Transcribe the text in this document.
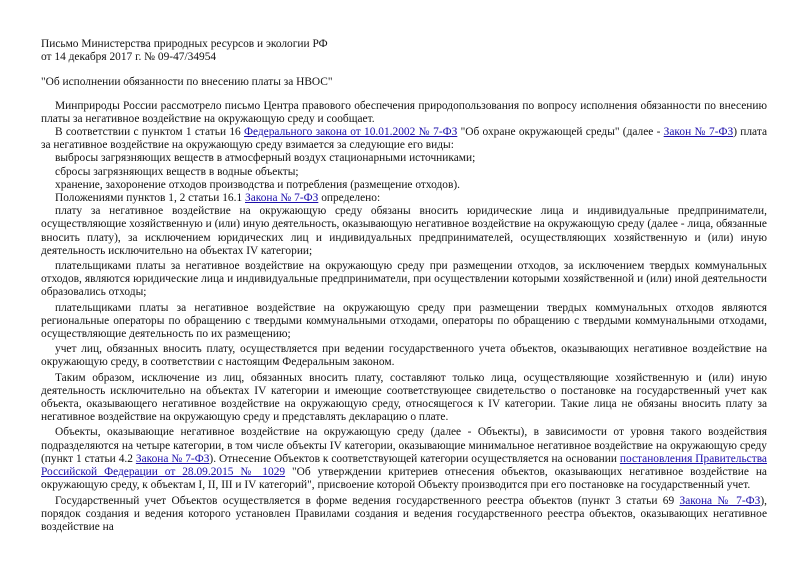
Письмо Министерства природных ресурсов и экологии РФ

от 14 декабря 2017 г. № 09-47/34954

"Об исполнении обязанности по внесению платы за НВОС"

Минприроды России рассмотрело письмо Центра правового обеспечения природопользования по вопросу исполнения обязанности по внесению платы за негативное воздействие на окружающую среду и сообщает.

В соответствии с пунктом 1 статьи 16 Федерального закона от 10.01.2002 № 7-ФЗ "Об охране окружающей среды" (далее - Закон № 7-ФЗ) плата за негативное воздействие на окружающую среду взимается за следующие его виды:

выбросы загрязняющих веществ в атмосферный воздух стационарными источниками;

сбросы загрязняющих веществ в водные объекты;

хранение, захоронение отходов производства и потребления (размещение отходов).

Положениями пунктов 1, 2 статьи 16.1 Закона № 7-ФЗ определено:

плату за негативное воздействие на окружающую среду обязаны вносить юридические лица и индивидуальные предприниматели, осуществляющие хозяйственную и (или) иную деятельность, оказывающую негативное воздействие на окружающую среду (далее - лица, обязанные вносить плату), за исключением юридических лиц и индивидуальных предпринимателей, осуществляющих хозяйственную и (или) иную деятельность исключительно на объектах IV категории;

плательщиками платы за негативное воздействие на окружающую среду при размещении отходов, за исключением твердых коммунальных отходов, являются юридические лица и индивидуальные предприниматели, при осуществлении которыми хозяйственной и (или) иной деятельности образовались отходы;

плательщиками платы за негативное воздействие на окружающую среду при размещении твердых коммунальных отходов являются региональные операторы по обращению с твердыми коммунальными отходами, операторы по обращению с твердыми коммунальными отходами, осуществляющие деятельность по их размещению;

учет лиц, обязанных вносить плату, осуществляется при ведении государственного учета объектов, оказывающих негативное воздействие на окружающую среду, в соответствии с настоящим Федеральным законом.

Таким образом, исключение из лиц, обязанных вносить плату, составляют только лица, осуществляющие хозяйственную и (или) иную деятельность исключительно на объектах IV категории и имеющие соответствующее свидетельство о постановке на государственный учет как объекта, оказывающего негативное воздействие на окружающую среду, относящегося к IV категории. Такие лица не обязаны вносить плату за негативное воздействие на окружающую среду и представлять декларацию о плате.

Объекты, оказывающие негативное воздействие на окружающую среду (далее - Объекты), в зависимости от уровня такого воздействия подразделяются на четыре категории, в том числе объекты IV категории, оказывающие минимальное негативное воздействие на окружающую среду (пункт 1 статьи 4.2 Закона № 7-ФЗ). Отнесение Объектов к соответствующей категории осуществляется на основании постановления Правительства Российской Федерации от 28.09.2015 № 1029 "Об утверждении критериев отнесения объектов, оказывающих негативное воздействие на окружающую среду, к объектам I, II, III и IV категорий", присвоение которой Объекту производится при его постановке на государственный учет.

Государственный учет Объектов осуществляется в форме ведения государственного реестра объектов (пункт 3 статьи 69 Закона № 7-ФЗ), порядок создания и ведения которого установлен Правилами создания и ведения государственного реестра объектов, оказывающих негативное воздействие на
